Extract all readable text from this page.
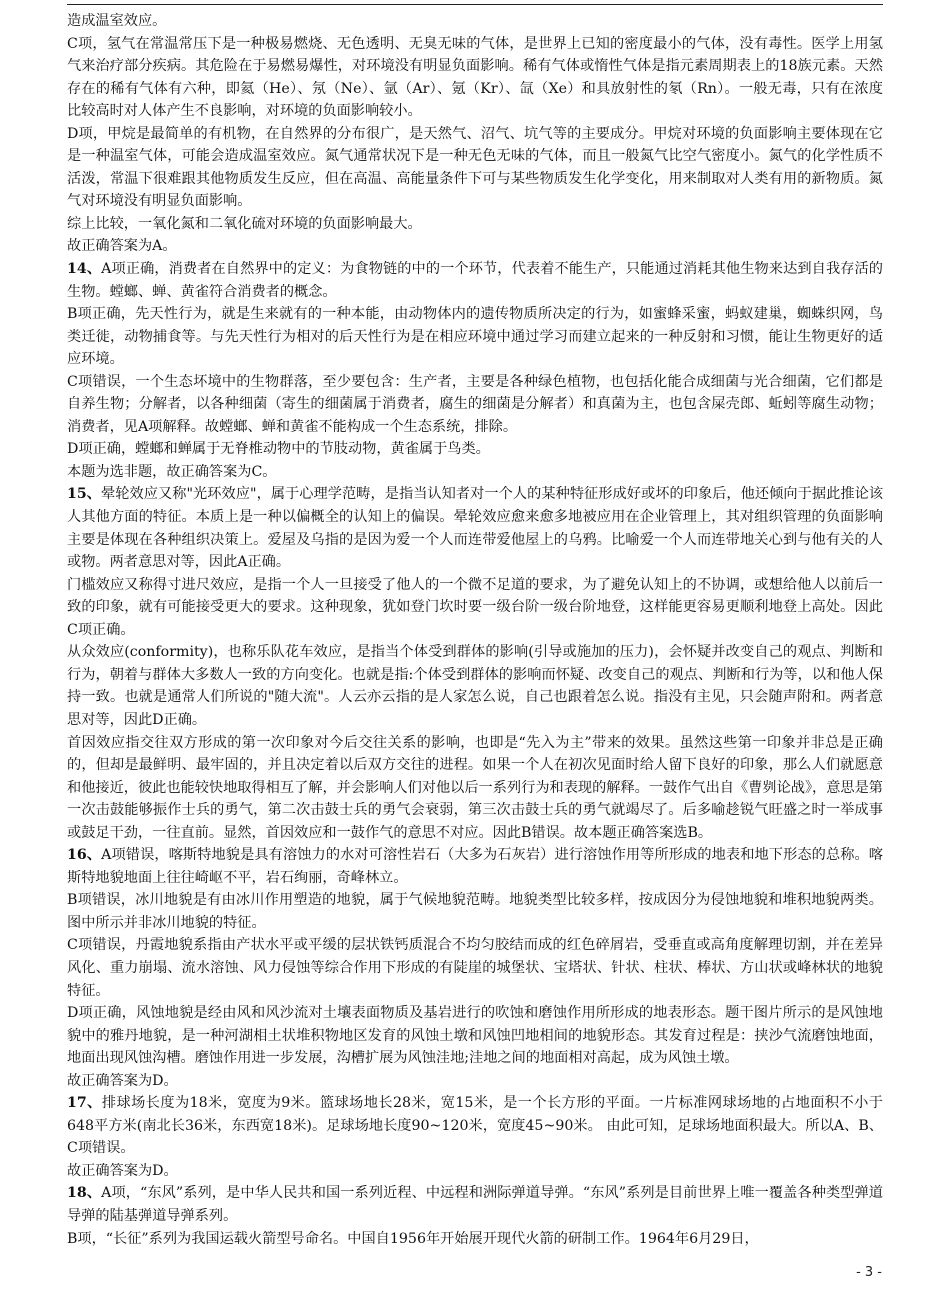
造成温室效应。

C项，氢气在常温常压下是一种极易燃烧、无色透明、无臭无味的气体，是世界上已知的密度最小的气体，没有毒性。医学上用氢气来治疗部分疾病。其危险在于易燃易爆性，对环境没有明显负面影响。稀有气体或惰性气体是指元素周期表上的18族元素。天然存在的稀有气体有六种，即氦（He）、氖（Ne）、氩（Ar）、氪（Kr）、氙（Xe）和具放射性的氡（Rn）。一般无毒，只有在浓度比较高时对人体产生不良影响，对环境的负面影响较小。

D项，甲烷是最简单的有机物，在自然界的分布很广，是天然气、沼气、坑气等的主要成分。甲烷对环境的负面影响主要体现在它是一种温室气体，可能会造成温室效应。氮气通常状况下是一种无色无味的气体，而且一般氮气比空气密度小。氮气的化学性质不活泼，常温下很难跟其他物质发生反应，但在高温、高能量条件下可与某些物质发生化学变化，用来制取对人类有用的新物质。氮气对环境没有明显负面影响。

综上比较，一氧化氮和二氧化硫对环境的负面影响最大。

故正确答案为A。

14、A项正确，消费者在自然界中的定义：为食物链的中的一个环节，代表着不能生产，只能通过消耗其他生物来达到自我存活的生物。螳螂、蝉、黄雀符合消费者的概念。

B项正确，先天性行为，就是生来就有的一种本能，由动物体内的遗传物质所决定的行为，如蜜蜂采蜜，蚂蚁建巢，蜘蛛织网，鸟类迁徙，动物捕食等。与先天性行为相对的后天性行为是在相应环境中通过学习而建立起来的一种反射和习惯，能让生物更好的适应环境。

C项错误，一个生态坏境中的生物群落，至少要包含：生产者，主要是各种绿色植物，也包括化能合成细菌与光合细菌，它们都是自养生物；分解者，以各种细菌（寄生的细菌属于消费者，腐生的细菌是分解者）和真菌为主，也包含屎壳郎、蚯蚓等腐生动物；消费者，见A项解释。故螳螂、蝉和黄雀不能构成一个生态系统，排除。

D项正确，螳螂和蝉属于无脊椎动物中的节肢动物，黄雀属于鸟类。

本题为选非题，故正确答案为C。

15、晕轮效应又称"光环效应"，属于心理学范畴，是指当认知者对一个人的某种特征形成好或坏的印象后，他还倾向于据此推论该人其他方面的特征。本质上是一种以偏概全的认知上的偏误。晕轮效应愈来愈多地被应用在企业管理上，其对组织管理的负面影响主要是体现在各种组织决策上。爱屋及乌指的是因为爱一个人而连带爱他屋上的乌鸦。比喻爱一个人而连带地关心到与他有关的人或物。两者意思对等，因此A正确。

门槛效应又称得寸进尺效应，是指一个人一旦接受了他人的一个微不足道的要求，为了避免认知上的不协调，或想给他人以前后一致的印象，就有可能接受更大的要求。这种现象，犹如登门坎时要一级台阶一级台阶地登，这样能更容易更顺利地登上高处。因此C项正确。

从众效应(conformity)，也称乐队花车效应，是指当个体受到群体的影响(引导或施加的压力)，会怀疑并改变自己的观点、判断和行为，朝着与群体大多数人一致的方向变化。也就是指:个体受到群体的影响而怀疑、改变自己的观点、判断和行为等，以和他人保持一致。也就是通常人们所说的"随大流"。人云亦云指的是人家怎么说，自己也跟着怎么说。指没有主见，只会随声附和。两者意思对等，因此D正确。

首因效应指交往双方形成的第一次印象对今后交往关系的影响，也即是“先入为主”带来的效果。虽然这些第一印象并非总是正确的，但却是最鲜明、最牢固的，并且决定着以后双方交往的进程。如果一个人在初次见面时给人留下良好的印象，那么人们就愿意和他接近，彼此也能较快地取得相互了解，并会影响人们对他以后一系列行为和表现的解释。一鼓作气出自《曹刿论战》，意思是第一次击鼓能够振作士兵的勇气，第二次击鼓士兵的勇气会衰弱，第三次击鼓士兵的勇气就竭尽了。后多喻趁锐气旺盛之时一举成事或鼓足干劲，一往直前。显然，首因效应和一鼓作气的意思不对应。因此B错误。故本题正确答案选B。

16、A项错误，喀斯特地貌是具有溶蚀力的水对可溶性岩石（大多为石灰岩）进行溶蚀作用等所形成的地表和地下形态的总称。喀斯特地貌地面上往往崎岖不平，岩石绚丽，奇峰林立。

B项错误，冰川地貌是有由冰川作用塑造的地貌，属于气候地貌范畴。地貌类型比较多样，按成因分为侵蚀地貌和堆积地貌两类。图中所示并非冰川地貌的特征。

C项错误，丹霞地貌系指由产状水平或平缓的层状铁钙质混合不均匀胶结而成的红色碎屑岩，受垂直或高角度解理切割，并在差异风化、重力崩塌、流水溶蚀、风力侵蚀等综合作用下形成的有陡崖的城堡状、宝塔状、针状、柱状、棒状、方山状或峰林状的地貌特征。

D项正确，风蚀地貌是经由风和风沙流对土壤表面物质及基岩进行的吹蚀和磨蚀作用所形成的地表形态。题干图片所示的是风蚀地貌中的雅丹地貌，是一种河湖相土状堆积物地区发育的风蚀土墩和风蚀凹地相间的地貌形态。其发育过程是：挟沙气流磨蚀地面，地面出现风蚀沟槽。磨蚀作用进一步发展，沟槽扩展为风蚀洼地;洼地之间的地面相对高起，成为风蚀土墩。

故正确答案为D。

17、排球场长度为18米，宽度为9米。篮球场地长28米，宽15米，是一个长方形的平面。一片标准网球场地的占地面积不小于648平方米(南北长36米，东西宽18米)。足球场地长度90~120米，宽度45~90米。 由此可知，足球场地面积最大。所以A、B、C项错误。

故正确答案为D。

18、A项，“东风”系列，是中华人民共和国一系列近程、中远程和洲际弹道导弹。“东风”系列是目前世界上唯一覆盖各种类型弹道导弹的陆基弹道导弹系列。

B项，“长征”系列为我国运载火箭型号命名。中国自1956年开始展开现代火箭的研制工作。1964年6月29日，

- 3 -
